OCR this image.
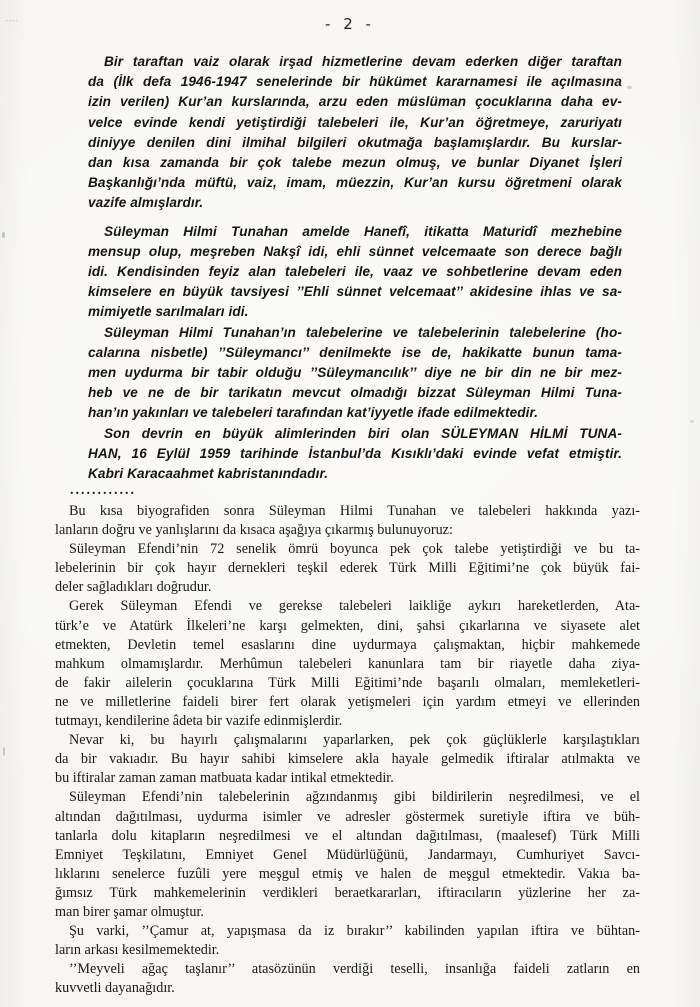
----	- 2 -
Bir taraftan vaiz olarak irşad hizmetlerine devam ederken diğer taraftan
da (İlk defa 1946-1947 senelerinde bir hükümet kararnamesi ile açılmasına
izin verilen) Kur’an kurslarında, arzu eden müslüman çocuklarına daha ev-
velce evinde kendi yetiştirdiği talebeleri ile, Kur’an öğretmeye, zaruriyatı
diniyye denilen dini ilmihal bilgileri okutmağa başlamışlardır. Bu kurslar-
dan kısa zamanda bir çok talebe mezun olmuş, ve bunlar Diyanet İşleri
Başkanlığı’nda müftü, vaiz, imam, müezzin, Kur’an kursu öğretmeni olarak
vazife almışlardır.
Süleyman Hilmi Tunahan amelde Hanefî, itikatta Maturidî mezhebine
mensup olup, meşreben Nakşî idi, ehli sünnet velcemaate son derece bağlı
idi. Kendisinden feyiz alan talebeleri ile, vaaz ve sohbetlerine devam eden
kimselere en büyük tavsiyesi ’’Ehli sünnet velcemaat’’ akidesine ihlas ve sa-
mimiyetle sarılmaları idi.
Süleyman Hilmi Tunahan’ın talebelerine ve talebelerinin talebelerine (ho-
calarına nisbetle) ’’Süleymancı’’ denilmekte ise de, hakikatte bunun tama-
men uydurma bir tabir olduğu ’’Süleymancılık’’ diye ne bir din ne bir mez-
heb ve ne de bir tarikatın mevcut olmadığı bizzat Süleyman Hilmi Tuna-
han’ın yakınları ve talebeleri tarafından kat’iyyetle ifade edilmektedir.
Son devrin en büyük alimlerinden biri olan SÜLEYMAN HİLMİ TUNA-
HAN, 16 Eylül 1959 tarihinde İstanbul’da Kısıklı’daki evinde vefat etmiştir.
Kabri Karacaahmet kabristanındadır.
............
Bu kısa biyografiden sonra Süleyman Hilmi Tunahan ve talebeleri hakkında yazı-
lanların doğru ve yanlışlarını da kısaca aşağıya çıkarmış bulunuyoruz:
Süleyman Efendi’nin 72 senelik ömrü boyunca pek çok talebe yetiştirdiği ve bu ta-
lebelerinin bir çok hayır dernekleri teşkil ederek Türk Milli Eğitimi’ne çok büyük fai-
deler sağladıkları doğrudur.
Gerek Süleyman Efendi ve gerekse talebeleri laikliğe aykırı hareketlerden, Ata-
türk’e ve Atatürk İlkeleri’ne karşı gelmekten, dini, şahsi çıkarlarına ve siyasete alet
etmekten, Devletin temel esaslarını dine uydurmaya çalışmaktan, hiçbir mahkemede
mahkum olmamışlardır. Merhûmun talebeleri kanunlara tam bir riayetle daha ziya-
de fakir ailelerin çocuklarına Türk Milli Eğitimi’nde başarılı olmaları, memleketleri-
ne ve milletlerine faideli birer fert olarak yetişmeleri için yardım etmeyi ve ellerinden
tutmayı, kendilerine âdeta bir vazife edinmişlerdir.
Nevar ki, bu hayırlı çalışmalarını yaparlarken, pek çok güçlüklerle karşılaştıkları
da bir vakıadır. Bu hayır sahibi kimselere akla hayale gelmedik iftiralar atılmakta ve
bu iftiralar zaman zaman matbuata kadar intikal etmektedir.
Süleyman Efendi’nin talebelerinin ağzındanmış gibi bildirilerin neşredilmesi, ve el
altından dağıtılması, uydurma isimler ve adresler göstermek suretiyle iftira ve büh-
tanlarla dolu kitapların neşredilmesi ve el altından dağıtılması, (maalesef) Türk Milli
Emniyet Teşkilatını, Emniyet Genel Müdürlüğünü, Jandarmayı, Cumhuriyet Savcı-
lıklarını senelerce fuzûli yere meşgul etmiş ve halen de meşgul etmektedir. Vakıa ba-
ğımsız Türk mahkemelerinin verdikleri beraetkararları, iftiracıların yüzlerine her za-
man birer şamar olmuştur.
Şu varki, ’’Çamur at, yapışmasa da iz bırakır’’ kabilinden yapılan iftira ve bühtan-
ların arkası kesilmemektedir.
’’Meyveli ağaç taşlanır’’ atasözünün verdiği teselli, insanlığa faideli zatların en
kuvvetli dayanağıdır.
